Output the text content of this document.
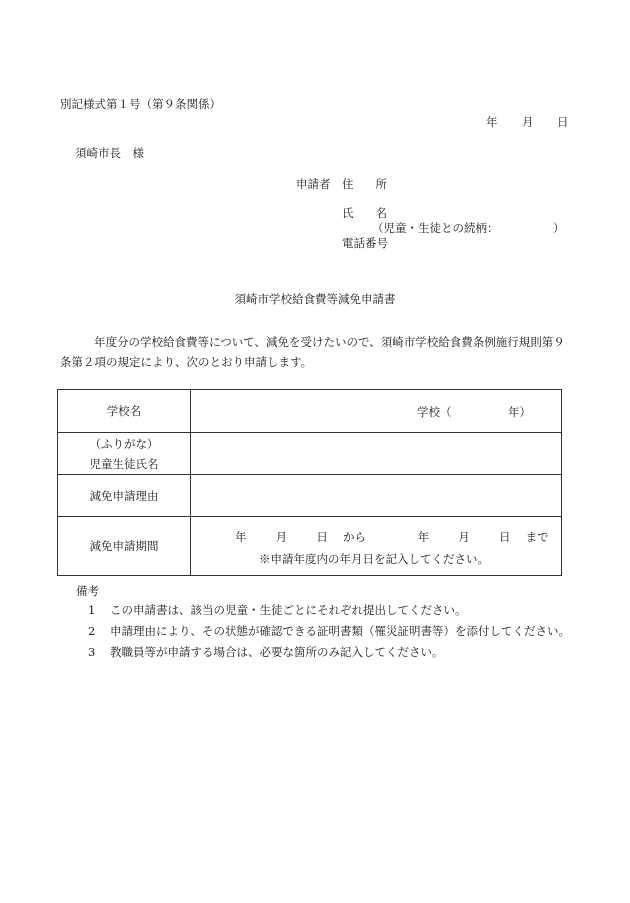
別記様式第１号（第９条関係）
年 月 日
須崎市長　様
申請者 住 所
氏 名
（児童・生徒との続柄：	）
電話番号
須崎市学校給食費等減免申請書
年度分の学校給食費等について、減免を受けたいので、須崎市学校給食費条例施行規則第９条第２項の規定により、次のとおり申請します。
学校名	学校（ 年）

（ふりがな）
児童生徒氏名	

減免申請理由	
減免申請期間	年 月 日 から 年 月 日 まで
※申請年度内の年月日を記入してください。
備考
1 この申請書は、該当の児童・生徒ごとにそれぞれ提出してください。
2 申請理由により、その状態が確認できる証明書類（罹災証明書等）を添付してください。
3 教職員等が申請する場合は、必要な箇所のみ記入してください。
